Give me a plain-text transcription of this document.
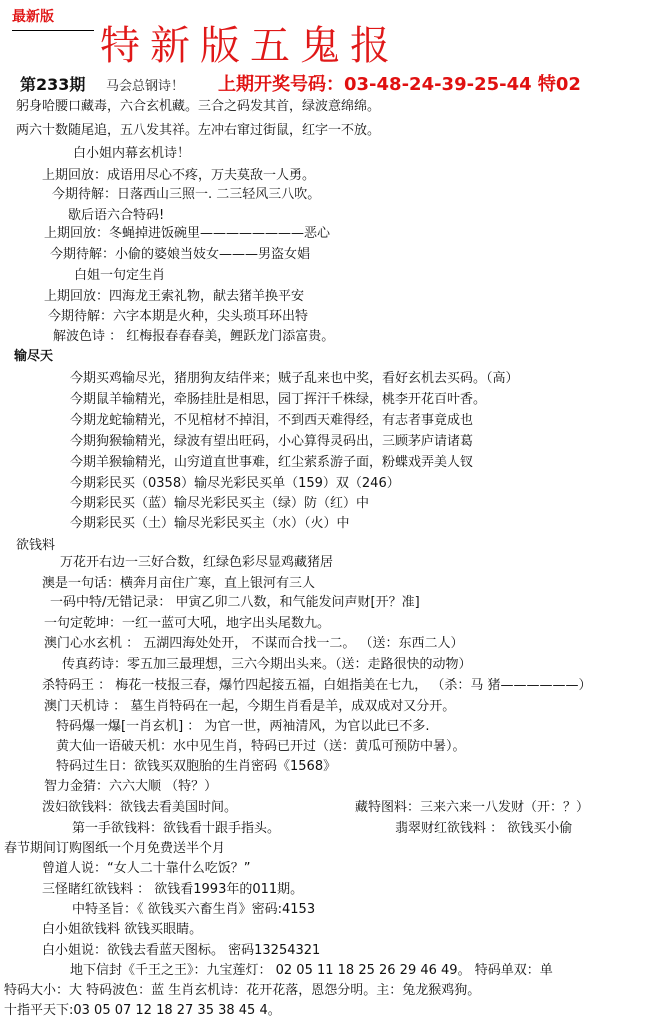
最新版
特新版五鬼报
第233期 马会总钢诗！ 上期开奖号码：03-48-24-39-25-44 特02
躬身哈腰口藏毒，六合玄机藏。三合之码发其首，绿波意绵绵。
两六十数随尾追，五八发其祥。左冲右窜过街鼠，红字一不放。
白小姐内幕玄机诗！
上期回放：成语用尽心不疼，万夫莫敌一人勇。
今期待解：日落西山三照一. 二三轻风三八吹。
歇后语六合特码!
上期回放：冬蝇掉进饭碗里————————恶心
今期待解：小偷的婆娘当妓女———男盗女娼
白姐一句定生肖
上期回放：四海龙王索礼物，献去猪羊换平安
今期待解：六字本期是火种，尖头琐耳环出特
解波色诗 ： 红梅报春春春美，鲤跃龙门添富贵。
输尽天
今期买鸡输尽光，猪朋狗友结伴来；贼子乱来也中奖，看好玄机去买码。（高）
今期鼠羊输精光，牵肠挂肚是相思，园丁挥汗千株绿，桃李开花百叶香。
今期龙蛇输精光，不见棺材不掉泪，不到西天难得经，有志者事竟成也
今期狗猴输精光，绿波有望出旺码，小心算得灵码出，三顾茅庐请诸葛
今期羊猴输精光，山穷道直世事难，红尘萦系游子面，粉蝶戏弄美人钗
今期彩民买（0358）输尽光彩民买单（159）双（246）
今期彩民买（蓝）输尽光彩民买主（绿）防（红）中
今期彩民买（土）输尽光彩民买主（水）（火）中
欲钱料
万花开右边一三好合数，红绿色彩尽显鸡藏猪居
澳是一句话：横奔月亩住广寒，直上银河有三人
一码中特/无错记录： 甲寅乙卯二八数，和气能发问声财[开？准]
一句定乾坤：一红一蓝可大吼，地字出头尾数九。
澳门心水玄机 ： 五湖四海处处开， 不谋而合找一二。 （送：东西二人）
传真药诗：零五加三最理想，三六今期出头来。（送：走路很快的动物）
杀特码王 ： 梅花一枝报三春，爆竹四起接五福，白姐指美在七九， （杀：马 猪——————）
澳门天机诗 ： 墓生肖特码在一起，今期生肖看是羊，成双成对又分开。
特码爆一爆[一肖玄机] ： 为官一世，两袖清风，为官以此已不多.
黄大仙一语破天机：水中见生肖，特码已开过（送：黄瓜可预防中暑）。
特码过生日：欲钱买双胞胎的生肖密码《1568》
智力金猜：六六大顺 （特？）
泼妇欲钱料：欲钱去看美国时间。	藏特图料：三来六来一八发财（开：？）
第一手欲钱料：欲钱看十跟手指头。	翡翠财红欲钱料 ： 欲钱买小偷
春节期间订购图纸一个月免费送半个月
曾道人说：“女人二十靠什么吃饭？”
三怪睹红欲钱料 ： 欲钱看1993年的011期。
中特圣旨：《 欲钱买六畜生肖》密码:4153
白小姐欲钱料 欲钱买眼睛。
白小姐说：欲钱去看蓝天图标。 密码13254321
地下信封《千王之王》：九宝莲灯： 02 05 11 18 25 26 29 46 49。 特码单双：单
特码大小：大 特码波色：蓝 生肖玄机诗：花开花落，恩怨分明。主：兔龙猴鸡狗。
十指平天下:03 05 07 12 18 27 35 38 45 4。
